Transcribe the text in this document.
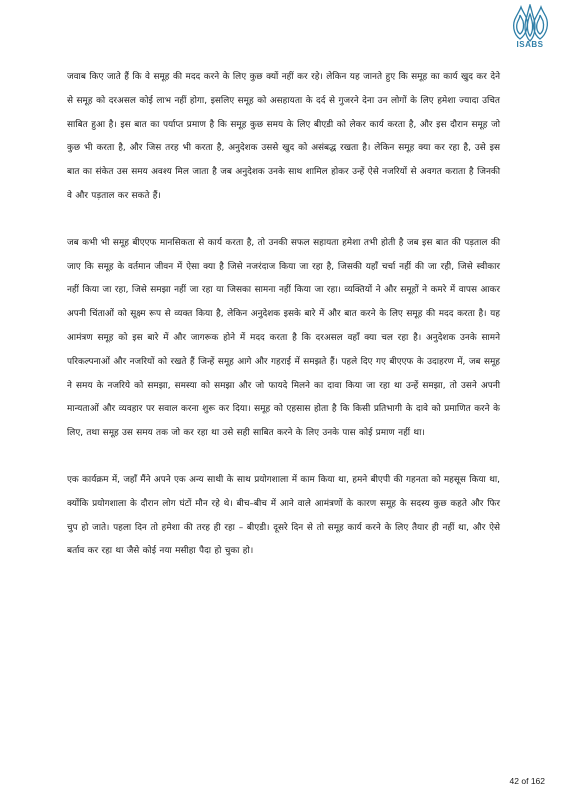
ISABS

जवाब किए जाते हैं कि वे समूह की मदद करने के लिए कुछ क्यों नहीं कर रहे। लेकिन यह जानते हुए कि समूह का कार्य खुद कर देने से समूह को दरअसल कोई लाभ नहीं होगा, इसलिए समूह को असहायता के दर्द से गुजरने देना उन लोगों के लिए हमेशा ज्यादा उचित साबित हुआ है। इस बात का पर्याप्त प्रमाण है कि समूह कुछ समय के लिए बीएडी को लेकर कार्य करता है, और इस दौरान समूह जो कुछ भी करता है, और जिस तरह भी करता है, अनुदेशक उससे खुद को असंबद्ध रखता है। लेकिन समूह क्या कर रहा है, उसे इस बात का संकेत उस समय अवश्य मिल जाता है जब अनुदेशक उनके साथ शामिल होकर उन्हें ऐसे नजरियों से अवगत कराता है जिनकी वे और पड़ताल कर सकते हैं।

जब कभी भी समूह बीएएफ मानसिकता से कार्य करता है, तो उनकी सफल सहायता हमेशा तभी होती है जब इस बात की पड़ताल की जाए कि समूह के वर्तमान जीवन में ऐसा क्या है जिसे नजरंदाज किया जा रहा है, जिसकी यहाँ चर्चा नहीं की जा रही, जिसे स्वीकार नहीं किया जा रहा, जिसे समझा नहीं जा रहा या जिसका सामना नहीं किया जा रहा। व्यक्तियों ने और समूहों ने कमरे में वापस आकर अपनी चिंताओं को सूक्ष्म रूप से व्यक्त किया है, लेकिन अनुदेशक इसके बारे में और बात करने के लिए समूह की मदद करता है। यह आमंत्रण समूह को इस बारे में और जागरूक होने में मदद करता है कि दरअसल वहाँ क्या चल रहा है। अनुदेशक उनके सामने परिकल्पनाओं और नजरियों को रखते हैं जिन्हें समूह आगे और गहराई में समझते हैं। पहले दिए गए बीएएफ के उदाहरण में, जब समूह ने समय के नजरिये को समझा, समस्या को समझा और जो फायदे मिलने का दावा किया जा रहा था उन्हें समझा, तो उसने अपनी मान्यताओं और व्यवहार पर सवाल करना शुरू कर दिया। समूह को एहसास होता है कि किसी प्रतिभागी के दावे को प्रमाणित करने के लिए, तथा समूह उस समय तक जो कर रहा था उसे सही साबित करने के लिए उनके पास कोई प्रमाण नहीं था।

एक कार्यक्रम में, जहाँ मैंने अपने एक अन्य साथी के साथ प्रयोगशाला में काम किया था, हमने बीएपी की गहनता को महसूस किया था, क्योंकि प्रयोगशाला के दौरान लोग घंटों मौन रहे थे। बीच–बीच में आने वाले आमंत्रणों के कारण समूह के सदस्य कुछ कहते और फिर चुप हो जाते। पहला दिन तो हमेशा की तरह ही रहा – बीएडी। दूसरे दिन से तो समूह कार्य करने के लिए तैयार ही नहीं था, और ऐसे बर्ताव कर रहा था जैसे कोई नया मसीहा पैदा हो चुका हो।

42 of 162
